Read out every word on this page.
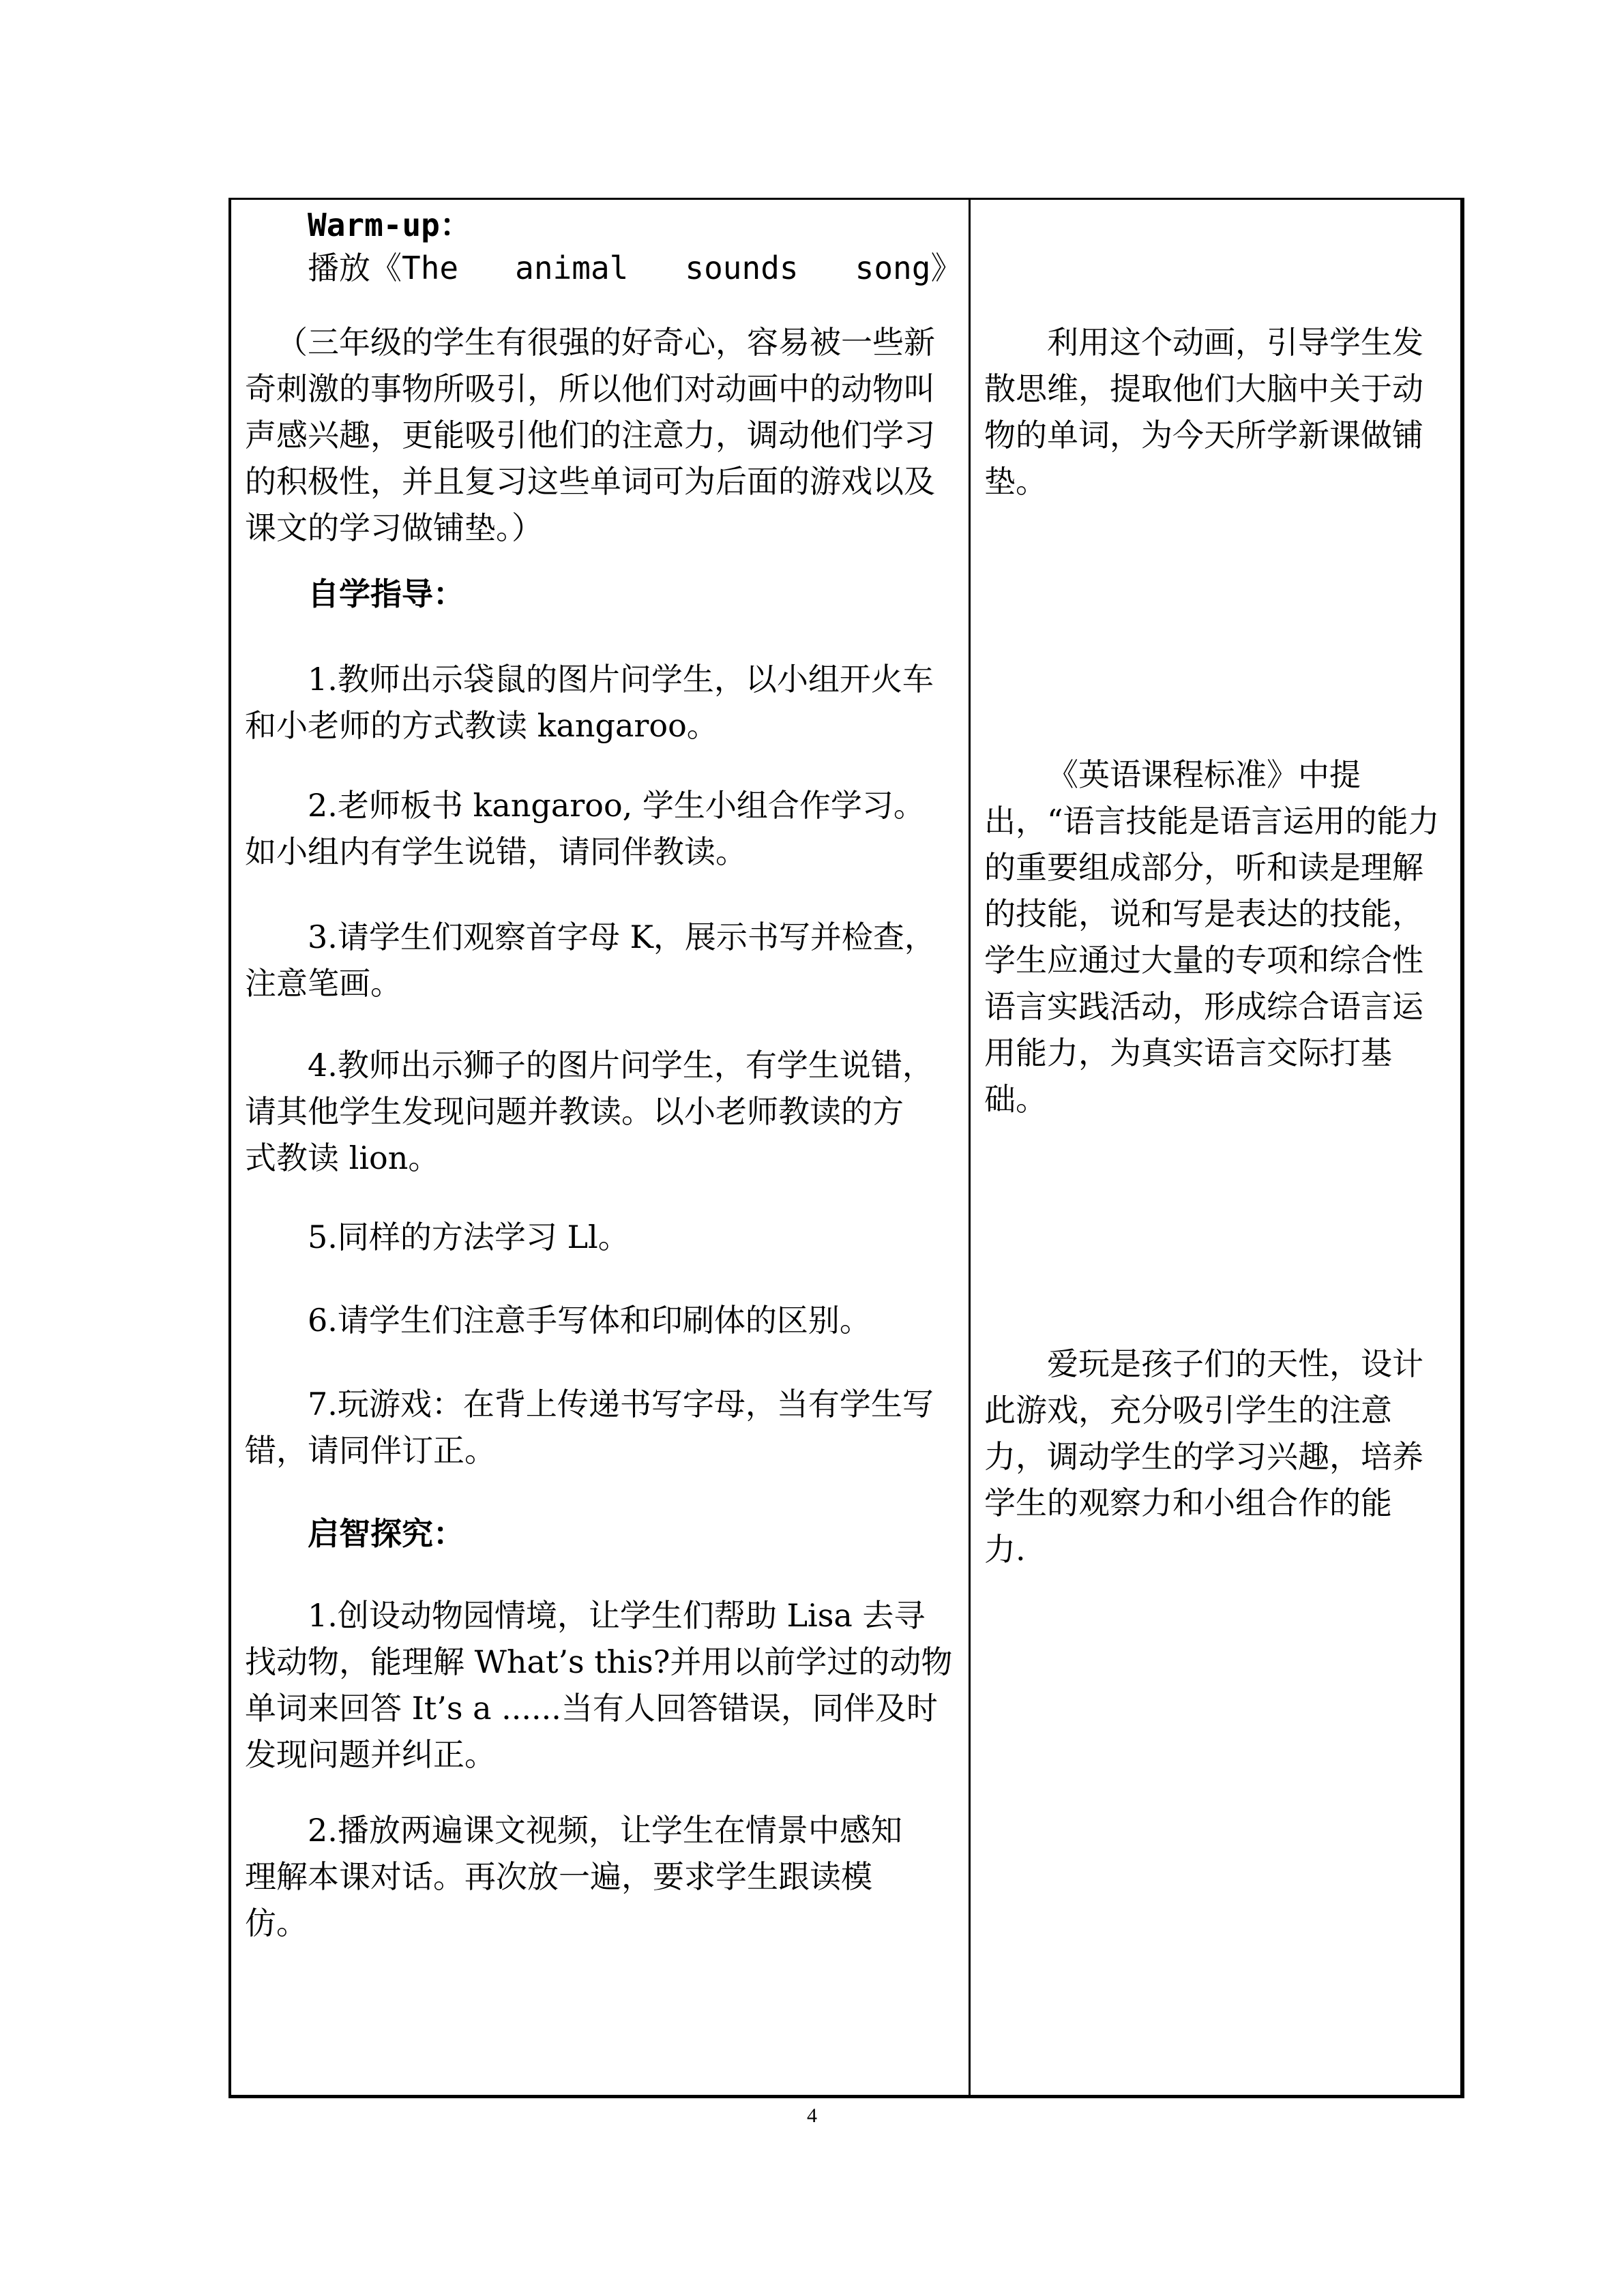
Warm-up：

播放《The   animal   sounds   song》

（三年级的学生有很强的好奇心，容易被一些新奇刺激的事物所吸引，所以他们对动画中的动物叫声感兴趣，更能吸引他们的注意力，调动他们学习的积极性，并且复习这些单词可为后面的游戏以及课文的学习做铺垫。）

自学指导：

1.教师出示袋鼠的图片问学生，以小组开火车和小老师的方式教读 kangaroo。

2.老师板书 kangaroo, 学生小组合作学习。如小组内有学生说错，请同伴教读。

3.请学生们观察首字母 K，展示书写并检查，注意笔画。

4.教师出示狮子的图片问学生，有学生说错，请其他学生发现问题并教读。以小老师教读的方式教读 lion。

5.同样的方法学习 Ll。

6.请学生们注意手写体和印刷体的区别。

7.玩游戏：在背上传递书写字母，当有学生写错，请同伴订正。

启智探究：

1.创设动物园情境，让学生们帮助 Lisa 去寻找动物，能理解 What’s this?并用以前学过的动物单词来回答 It’s a ......当有人回答错误，同伴及时发现问题并纠正。

2.播放两遍课文视频，让学生在情景中感知理解本课对话。再次放一遍，要求学生跟读模仿。

利用这个动画，引导学生发散思维，提取他们大脑中关于动物的单词，为今天所学新课做铺垫。

《英语课程标准》中提出，“语言技能是语言运用的能力的重要组成部分，听和读是理解的技能，说和写是表达的技能，学生应通过大量的专项和综合性语言实践活动，形成综合语言运用能力，为真实语言交际打基础。

爱玩是孩子们的天性，设计此游戏，充分吸引学生的注意力，调动学生的学习兴趣，培养学生的观察力和小组合作的能力.

4
